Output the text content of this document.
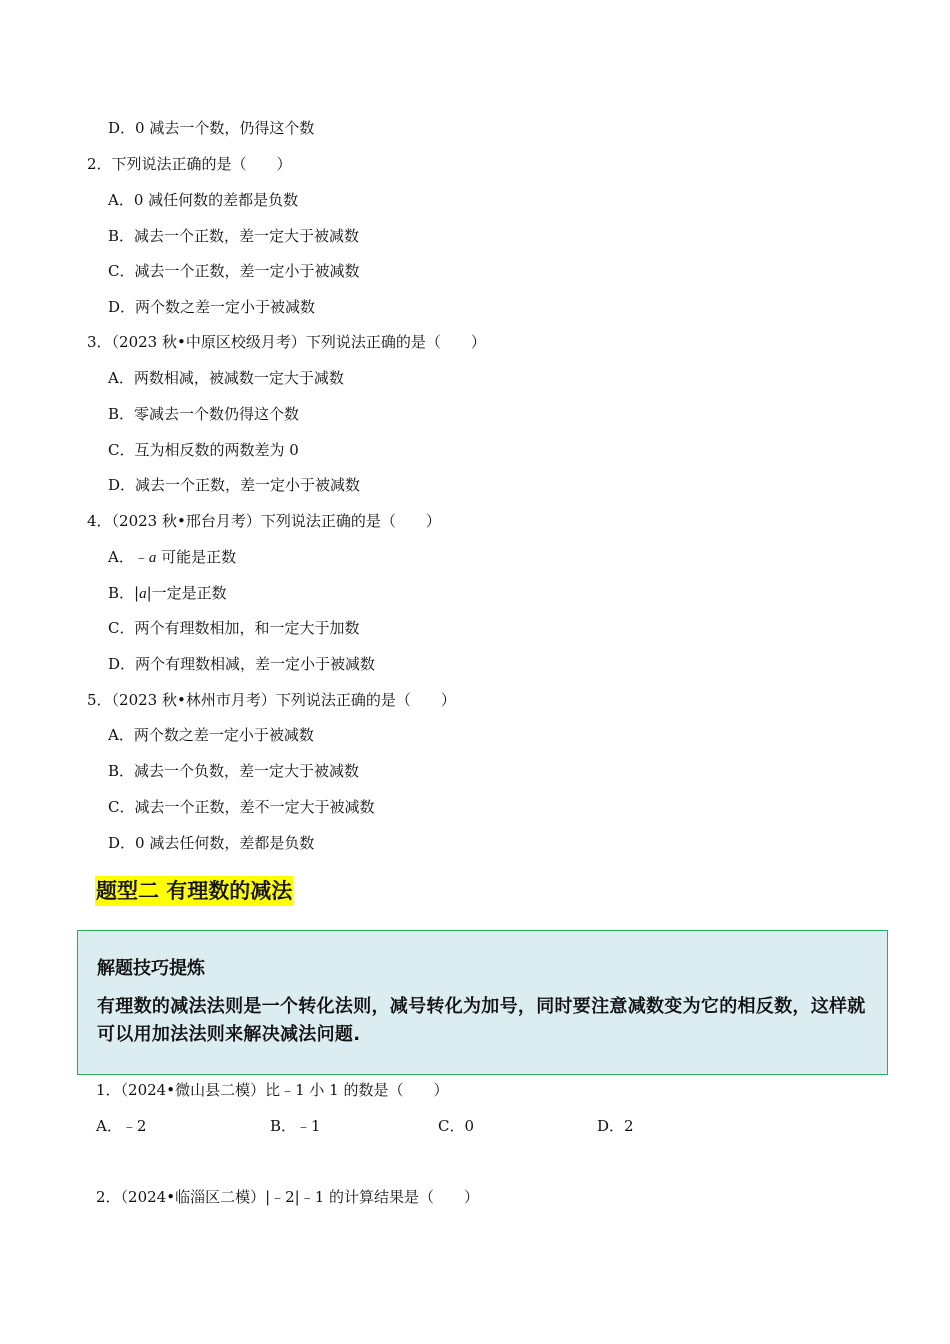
D．0 减去一个数，仍得这个数
2．下列说法正确的是（　　）
A．0 减任何数的差都是负数
B．减去一个正数，差一定大于被减数
C．减去一个正数，差一定小于被减数
D．两个数之差一定小于被减数
3．（2023 秋•中原区校级月考）下列说法正确的是（　　）
A．两数相减，被减数一定大于减数
B．零减去一个数仍得这个数
C．互为相反数的两数差为 0
D．减去一个正数，差一定小于被减数
4．（2023 秋•邢台月考）下列说法正确的是（　　）
A．﹣a 可能是正数
B．|a|一定是正数
C．两个有理数相加，和一定大于加数
D．两个有理数相减，差一定小于被减数
5．（2023 秋•林州市月考）下列说法正确的是（　　）
A．两个数之差一定小于被减数
B．减去一个负数，差一定大于被减数
C．减去一个正数，差不一定大于被减数
D．0 减去任何数，差都是负数
题型二 有理数的减法
解题技巧提炼
有理数的减法法则是一个转化法则，减号转化为加号，同时要注意减数变为它的相反数，这样就可以用加法法则来解决减法问题.
1．（2024•微山县二模）比﹣1 小 1 的数是（　　）
A．﹣2	B．﹣1	C．0	D．2
2．（2024•临淄区二模）|﹣2|﹣1 的计算结果是（　　）
